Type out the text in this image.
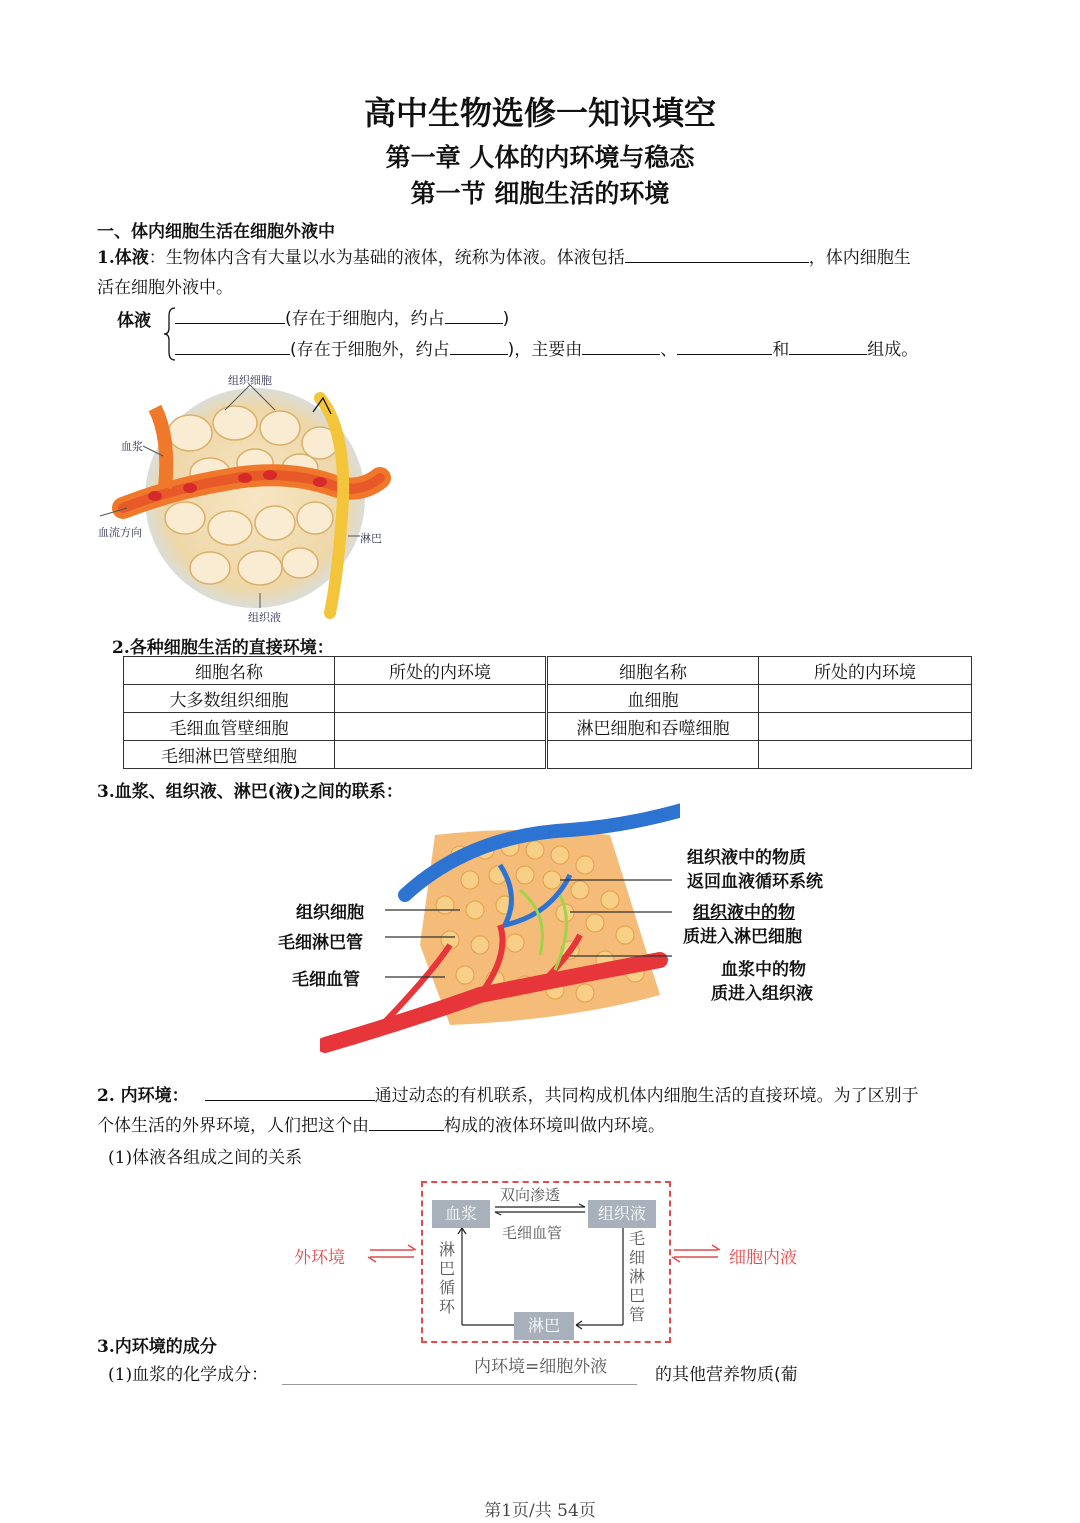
高中生物选修一知识填空
第一章 人体的内环境与稳态
第一节 细胞生活的环境
一、体内细胞生活在细胞外液中
1.体液：生物体内含有大量以水为基础的液体，统称为体液。体液包括	，体内细胞生
活在细胞外液中。
体液	(存在于细胞内，约占	)
(存在于细胞外，约占	)，主要由	、	和	组成。
组织细胞
血浆
血流方向	淋巴
组织液
2.各种细胞生活的直接环境：
细胞名称	所处的内环境	细胞名称	所处的内环境
大多数组织细胞		血细胞	
毛细血管壁细胞		淋巴细胞和吞噬细胞	
毛细淋巴管壁细胞			
3.血浆、组织液、淋巴(液)之间的联系：
组织细胞
毛细淋巴管
毛细血管
组织液中的物质
返回血液循环系统
组织液中的物
质进入淋巴细胞
血浆中的物
质进入组织液
2. 内环境：	通过动态的有机联系，共同构成机体内细胞生活的直接环境。为了区别于
个体生活的外界环境，人们把这个由	构成的液体环境叫做内环境。
(1)体液各组成之间的关系
血浆	组织液
淋巴
双向渗透
毛细血管
淋巴循环
毛细淋巴管
外环境	细胞内液
3.内环境的成分
内环境=细胞外液
(1)血浆的化学成分：	的其他营养物质(葡
第1页/共 54页
